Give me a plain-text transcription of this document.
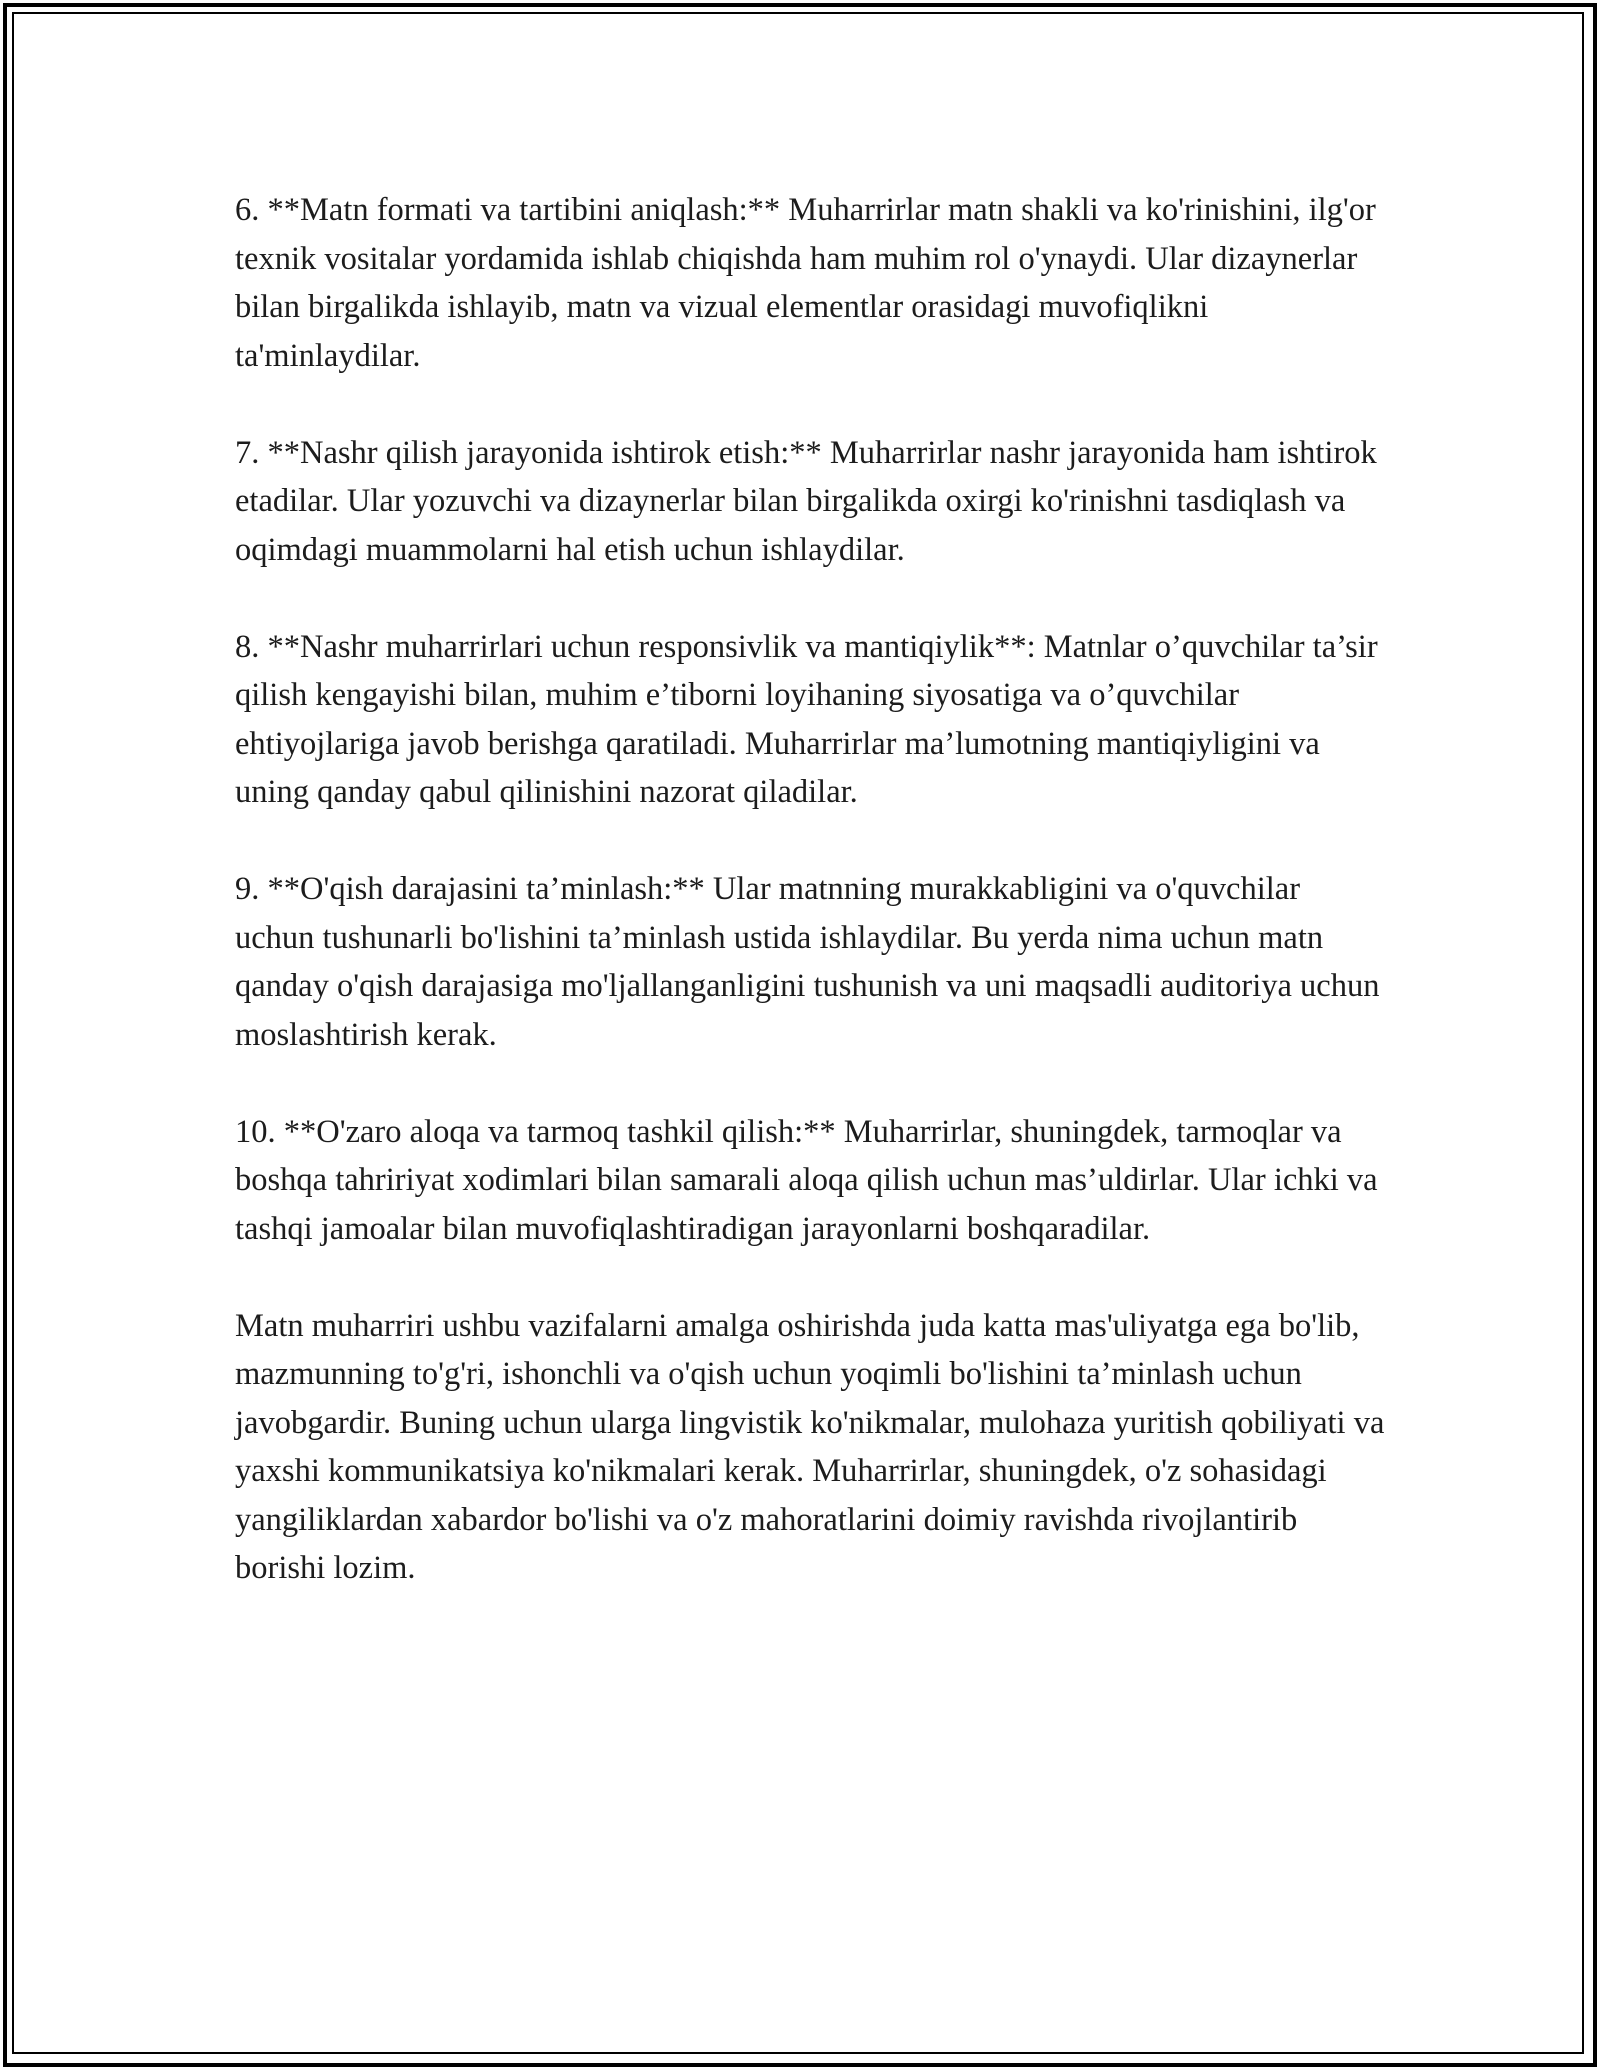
6. **Matn formati va tartibini aniqlash:** Muharrirlar matn shakli va ko'rinishini, ilg'or texnik vositalar yordamida ishlab chiqishda ham muhim rol o'ynaydi. Ular dizaynerlar bilan birgalikda ishlayib, matn va vizual elementlar orasidagi muvofiqlikni ta'minlaydilar.

7. **Nashr qilish jarayonida ishtirok etish:** Muharrirlar nashr jarayonida ham ishtirok etadilar. Ular yozuvchi va dizaynerlar bilan birgalikda oxirgi ko'rinishni tasdiqlash va oqimdagi muammolarni hal etish uchun ishlaydilar.

8. **Nashr muharrirlari uchun responsivlik va mantiqiylik**: Matnlar o’quvchilar ta’sir qilish kengayishi bilan, muhim e’tiborni loyihaning siyosatiga va o’quvchilar ehtiyojlariga javob berishga qaratiladi. Muharrirlar ma’lumotning mantiqiyligini va uning qanday qabul qilinishini nazorat qiladilar.

9. **O'qish darajasini ta’minlash:** Ular matnning murakkabligini va o'quvchilar uchun tushunarli bo'lishini ta’minlash ustida ishlaydilar. Bu yerda nima uchun matn qanday o'qish darajasiga mo'ljallanganligini tushunish va uni maqsadli auditoriya uchun moslashtirish kerak.

10. **O'zaro aloqa va tarmoq tashkil qilish:** Muharrirlar, shuningdek, tarmoqlar va boshqa tahririyat xodimlari bilan samarali aloqa qilish uchun mas’uldirlar. Ular ichki va tashqi jamoalar bilan muvofiqlashtiradigan jarayonlarni boshqaradilar.

Matn muharriri ushbu vazifalarni amalga oshirishda juda katta mas'uliyatga ega bo'lib, mazmunning to'g'ri, ishonchli va o'qish uchun yoqimli bo'lishini ta’minlash uchun javobgardir. Buning uchun ularga lingvistik ko'nikmalar, mulohaza yuritish qobiliyati va yaxshi kommunikatsiya ko'nikmalari kerak. Muharrirlar, shuningdek, o'z sohasidagi yangiliklardan xabardor bo'lishi va o'z mahoratlarini doimiy ravishda rivojlantirib borishi lozim.
